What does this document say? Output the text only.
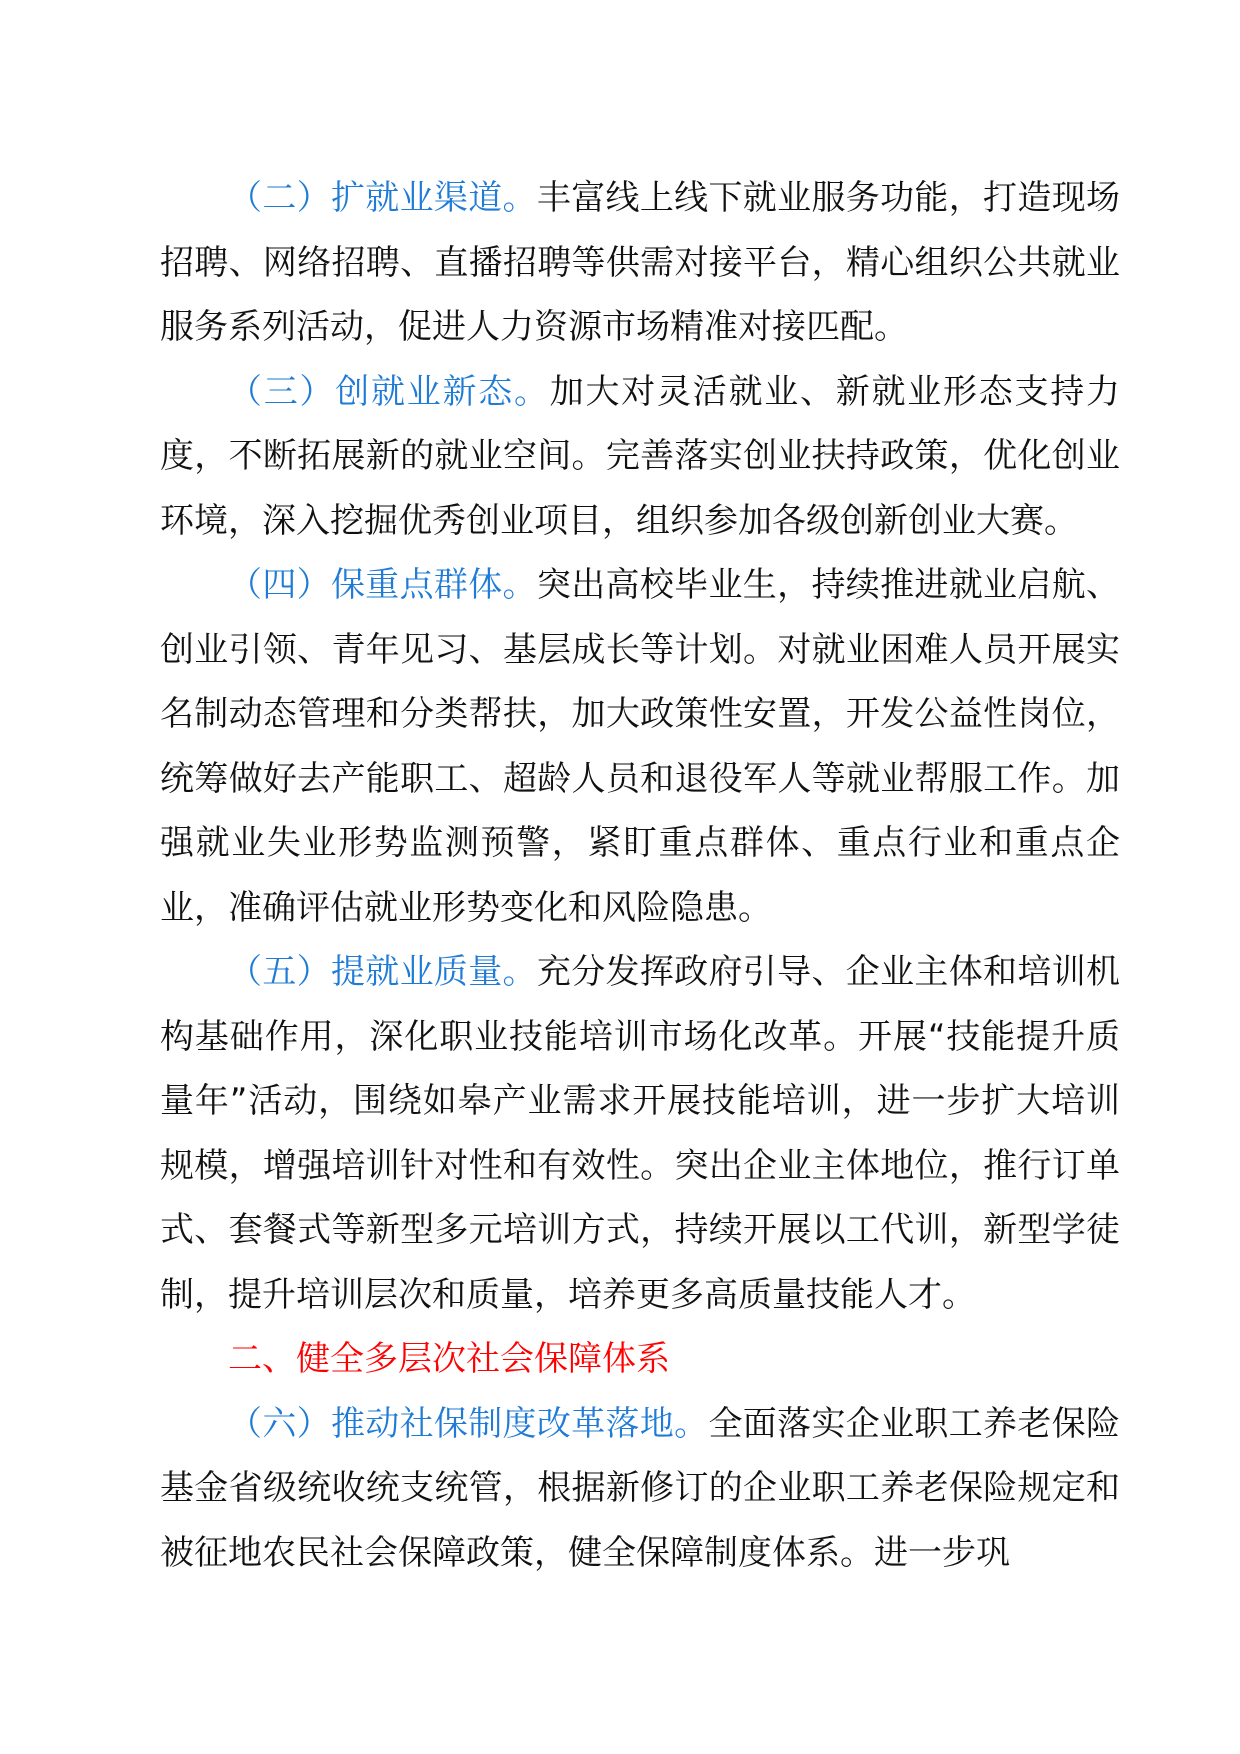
（二）扩就业渠道。丰富线上线下就业服务功能，打造现场招聘、网络招聘、直播招聘等供需对接平台，精心组织公共就业服务系列活动，促进人力资源市场精准对接匹配。

（三）创就业新态。加大对灵活就业、新就业形态支持力度，不断拓展新的就业空间。完善落实创业扶持政策，优化创业环境，深入挖掘优秀创业项目，组织参加各级创新创业大赛。

（四）保重点群体。突出高校毕业生，持续推进就业启航、创业引领、青年见习、基层成长等计划。对就业困难人员开展实名制动态管理和分类帮扶，加大政策性安置，开发公益性岗位，统筹做好去产能职工、超龄人员和退役军人等就业帮服工作。加强就业失业形势监测预警，紧盯重点群体、重点行业和重点企业，准确评估就业形势变化和风险隐患。

（五）提就业质量。充分发挥政府引导、企业主体和培训机构基础作用，深化职业技能培训市场化改革。开展“技能提升质量年”活动，围绕如皋产业需求开展技能培训，进一步扩大培训规模，增强培训针对性和有效性。突出企业主体地位，推行订单式、套餐式等新型多元培训方式，持续开展以工代训，新型学徒制，提升培训层次和质量，培养更多高质量技能人才。

二、健全多层次社会保障体系

（六）推动社保制度改革落地。全面落实企业职工养老保险基金省级统收统支统管，根据新修订的企业职工养老保险规定和被征地农民社会保障政策，健全保障制度体系。进一步巩
